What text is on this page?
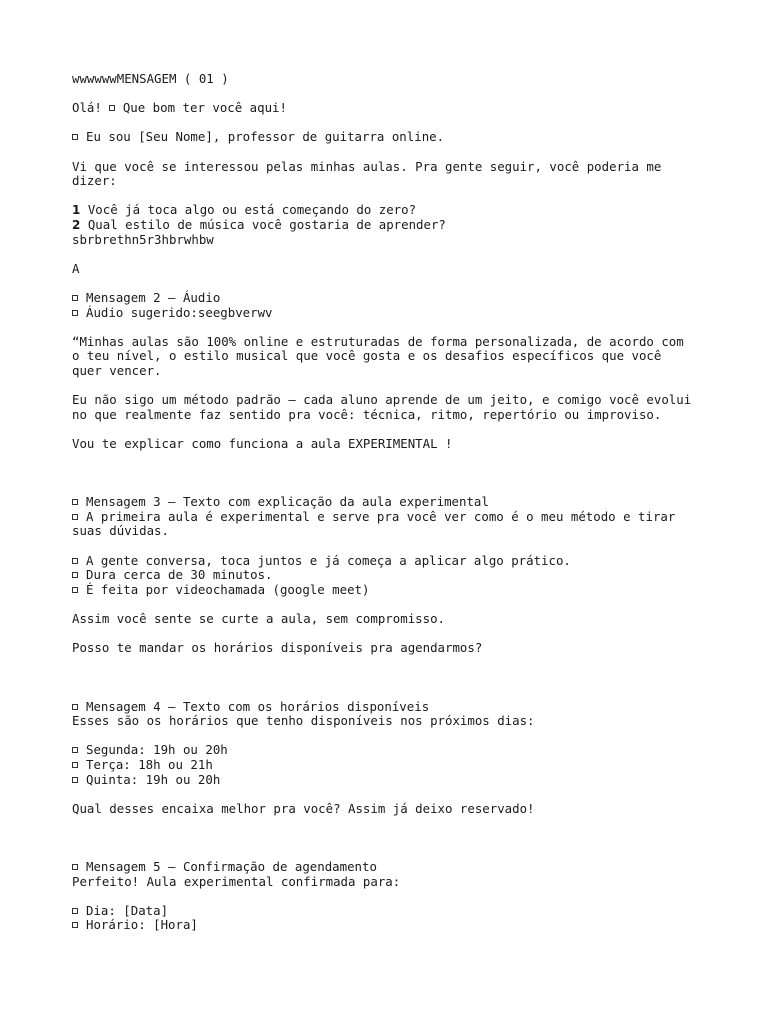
wwwwwwMENSAGEM ( 01 )
Olá! Que bom ter você aqui!
Eu sou [Seu Nome], professor de guitarra online.
Vi que você se interessou pelas minhas aulas. Pra gente seguir, você poderia me
dizer:
1 Você já toca algo ou está começando do zero?
2 Qual estilo de música você gostaria de aprender?
sbrbrethn5r3hbrwhbw
A
Mensagem 2 – Áudio
Áudio sugerido:seegbverwv
“Minhas aulas são 100% online e estruturadas de forma personalizada, de acordo com
o teu nível, o estilo musical que você gosta e os desafios específicos que você
quer vencer.
Eu não sigo um método padrão — cada aluno aprende de um jeito, e comigo você evolui
no que realmente faz sentido pra você: técnica, ritmo, repertório ou improviso.
Vou te explicar como funciona a aula EXPERIMENTAL !
Mensagem 3 – Texto com explicação da aula experimental
A primeira aula é experimental e serve pra você ver como é o meu método e tirar
suas dúvidas.
A gente conversa, toca juntos e já começa a aplicar algo prático.
Dura cerca de 30 minutos.
É feita por videochamada (google meet)
Assim você sente se curte a aula, sem compromisso.
Posso te mandar os horários disponíveis pra agendarmos?
Mensagem 4 – Texto com os horários disponíveis
Esses são os horários que tenho disponíveis nos próximos dias:
Segunda: 19h ou 20h
Terça: 18h ou 21h
Quinta: 19h ou 20h
Qual desses encaixa melhor pra você? Assim já deixo reservado!
Mensagem 5 – Confirmação de agendamento
Perfeito! Aula experimental confirmada para:
Dia: [Data]
Horário: [Hora]
